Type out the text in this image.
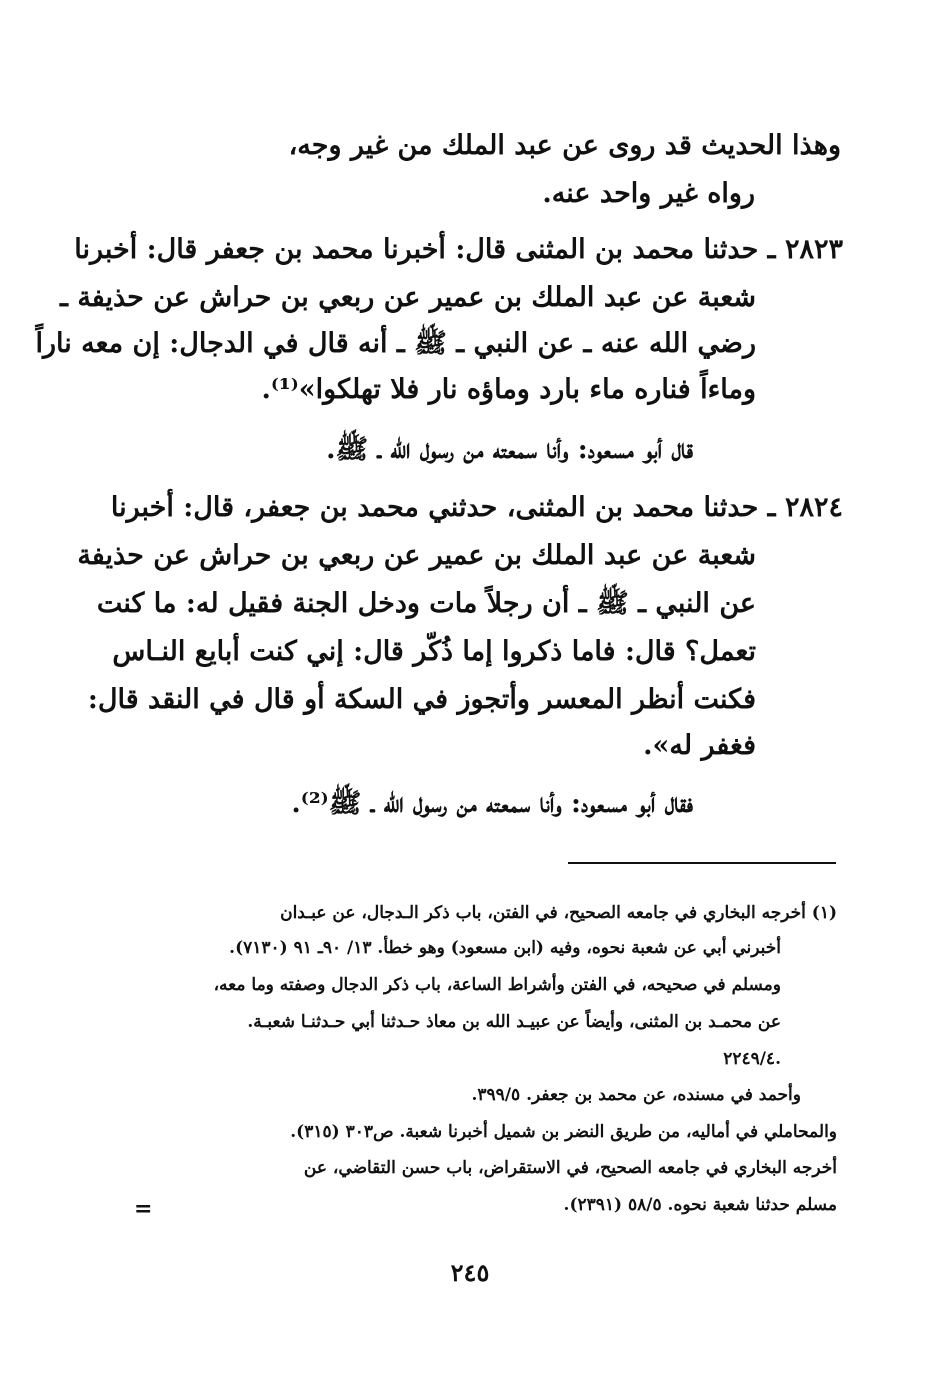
وهذا الحديث قد روى عن عبد الملك من غير وجه،
رواه غير واحد عنه.
٢٨٢٣ ـ حدثنا محمد بن المثنى قال: أخبرنا محمد بن جعفر قال: أخبرنا
شعبة عن عبد الملك بن عمير عن ربعي بن حراش عن حذيفة ـ
رضي الله عنه ـ عن النبي ـ ﷺ ـ أنه قال في الدجال: إن معه ناراً
وماءاً فناره ماء بارد وماؤه نار فلا تهلكوا»⁽¹⁾.
قال أبو مسعود: وأنا سمعته من رسول الله ـ ﷺ.
٢٨٢٤ ـ حدثنا محمد بن المثنى، حدثني محمد بن جعفر، قال: أخبرنا
شعبة عن عبد الملك بن عمير عن ربعي بن حراش عن حذيفة
عن النبي ـ ﷺ ـ أن رجلاً مات ودخل الجنة فقيل له: ما كنت
تعمل؟ قال: فاما ذكروا إما ذُكّر قال: إني كنت أبايع النـاس
فكنت أنظر المعسر وأتجوز في السكة أو قال في النقد قال:
فغفر له».
فقال أبو مسعود: وأنا سمعته من رسول الله ـ ﷺ⁽²⁾.
(١) أخرجه البخاري في جامعه الصحيح، في الفتن، باب ذكر الـدجال، عن عبـدان
أخبرني أبي عن شعبة نحوه، وفيه (ابن مسعود) وهو خطأ. ١٣/ ٩٠ـ ٩١ (٧١٣٠).
ومسلم في صحيحه، في الفتن وأشراط الساعة، باب ذكر الدجال وصفته وما معه،
عن محمـد بن المثنى، وأيضاً عن عبيـد الله بن معاذ حـدثنا أبي حـدثنـا شعبـة.
٢٢٤٩/٤.
وأحمد في مسنده، عن محمد بن جعفر. ٣٩٩/٥.
والمحاملي في أماليه، من طريق النضر بن شميل أخبرنا شعبة. ص٣٠٣ (٣١٥).
أخرجه البخاري في جامعه الصحيح، في الاستقراض، باب حسن التقاضي، عن
مسلم حدثنا شعبة نحوه. ٥٨/٥ (٢٣٩١).
=
٢٤٥
